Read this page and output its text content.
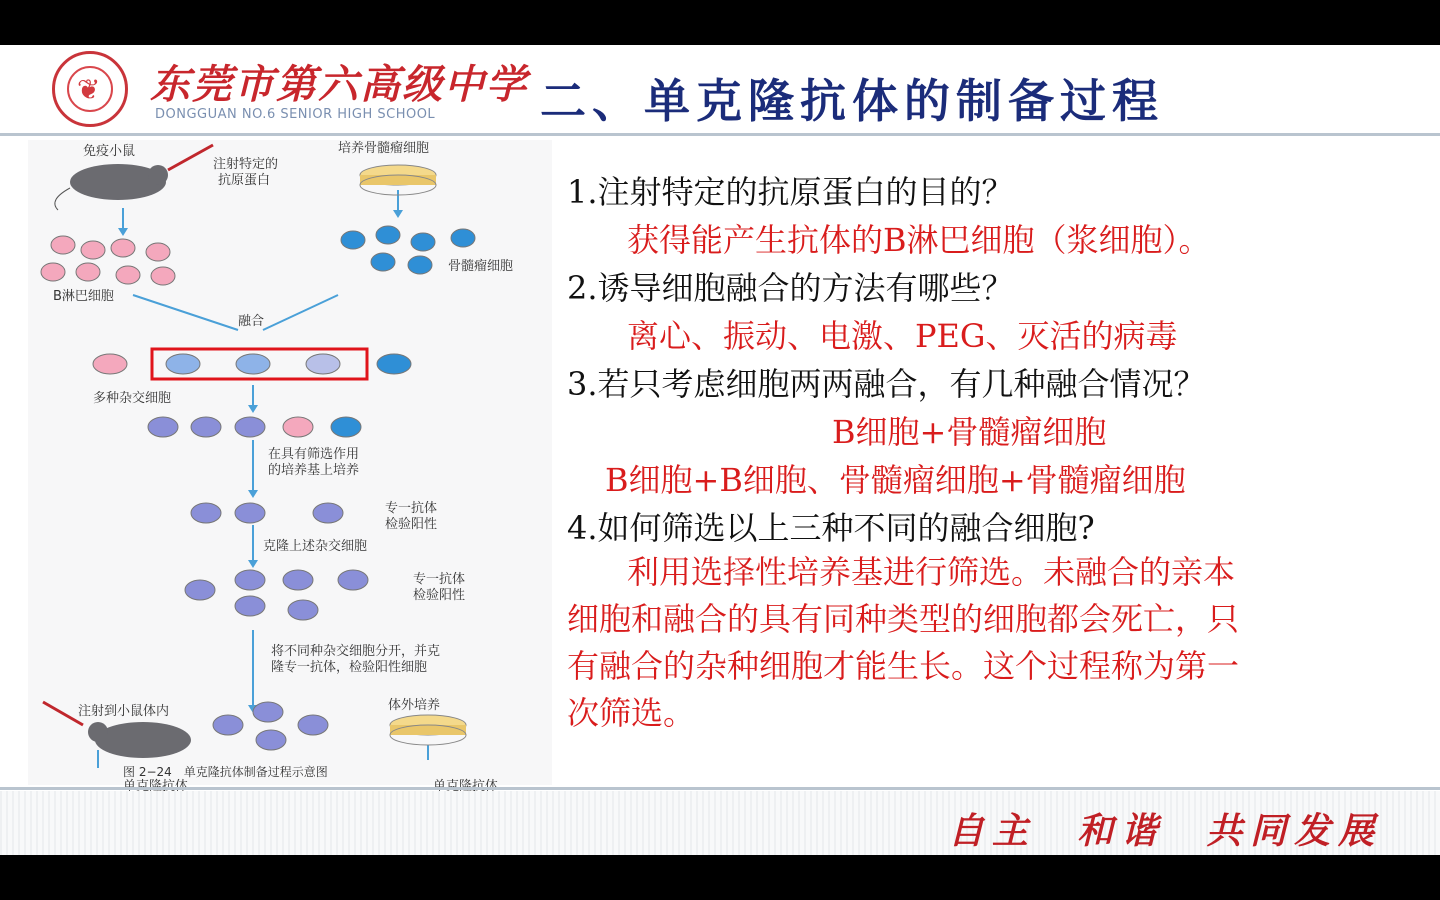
❦ 东莞市第六高级中学
DONGGUAN NO.6 SENIOR HIGH SCHOOL 二、单克隆抗体的制备过程
免疫小鼠
注射特定的
抗原蛋白
培养骨髓瘤细胞
B淋巴细胞
骨髓瘤细胞
融合
多种杂交细胞
在具有筛选作用
的培养基上培养
专一抗体
检验阳性
克隆上述杂交细胞
专一抗体
检验阳性
将不同种杂交细胞分开，并克
隆专一抗体，检验阳性细胞
注射到小鼠体内	体外培养
图 2−24　单克隆抗体制备过程示意图
1.注射特定的抗原蛋白的目的？
获得能产生抗体的B淋巴细胞（浆细胞）。
2.诱导细胞融合的方法有哪些？
离心、振动、电激、PEG、灭活的病毒
3.若只考虑细胞两两融合，有几种融合情况？
B细胞+骨髓瘤细胞
B细胞+B细胞、骨髓瘤细胞+骨髓瘤细胞
4.如何筛选以上三种不同的融合细胞?
利用选择性培养基进行筛选。未融合的亲本
细胞和融合的具有同种类型的细胞都会死亡，只
有融合的杂种细胞才能生长。这个过程称为第一
次筛选。
自主  和谐  共同发展
